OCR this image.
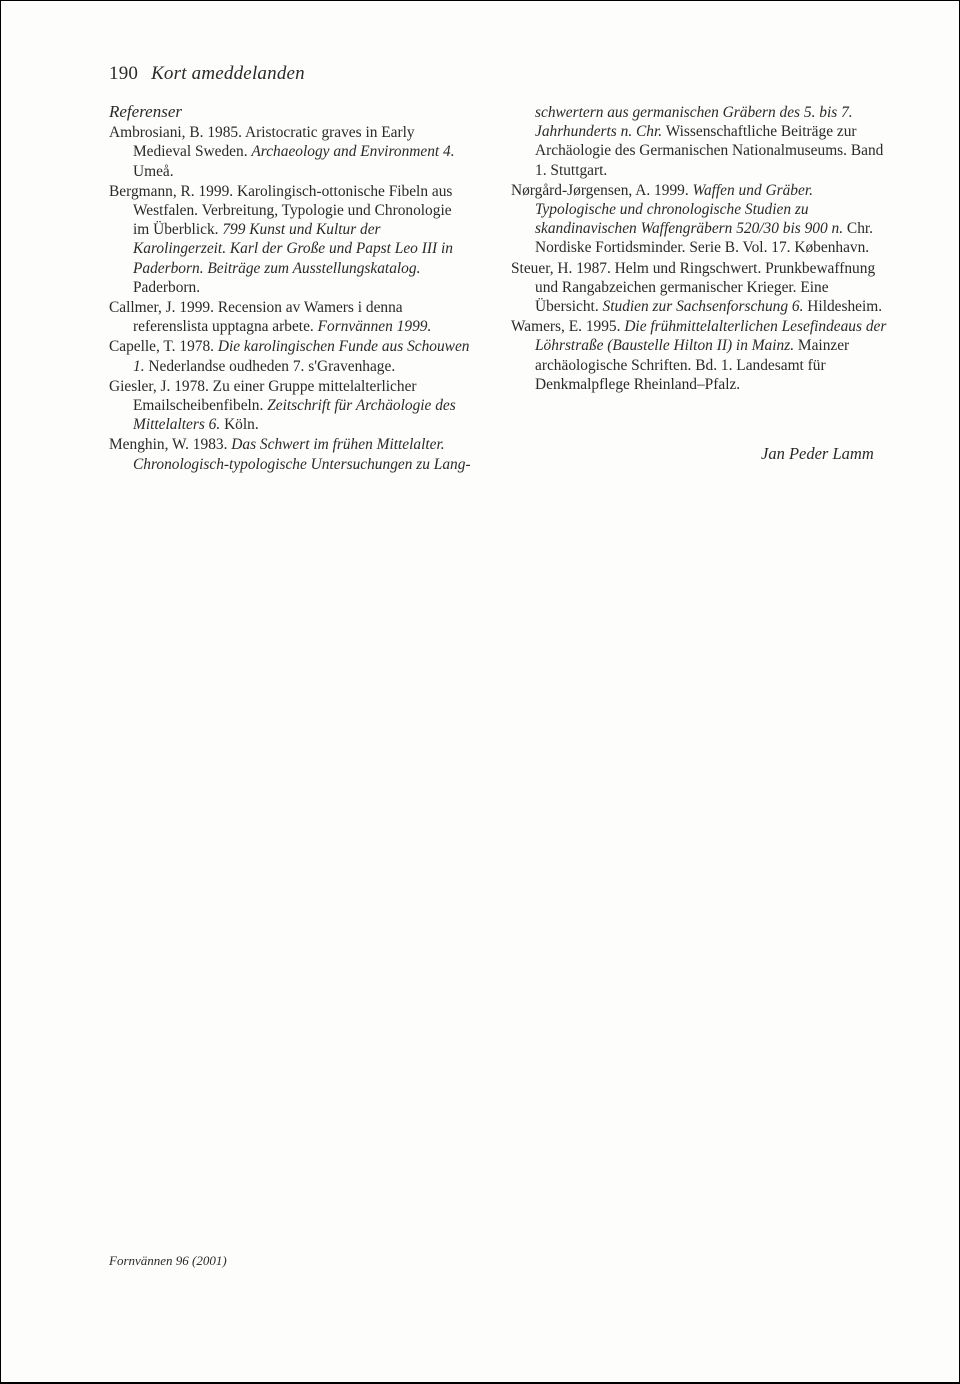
190 Kort ameddelanden
Referenser

Ambrosiani, B. 1985. Aristocratic graves in Early Medieval Sweden. Archaeology and Environment 4. Umeå.

Bergmann, R. 1999. Karolingisch-ottonische Fibeln aus Westfalen. Verbreitung, Typologie und Chronologie im Überblick. 799 Kunst und Kultur der Karolingerzeit. Karl der Große und Papst Leo III in Paderborn. Beiträge zum Ausstellungskatalog. Paderborn.

Callmer, J. 1999. Recension av Wamers i denna referenslista upptagna arbete. Fornvännen 1999.

Capelle, T. 1978. Die karolingischen Funde aus Schouwen 1. Nederlandse oudheden 7. s'Gravenhage.

Giesler, J. 1978. Zu einer Gruppe mittelalterlicher Emailscheibenfibeln. Zeitschrift für Archäologie des Mittelalters 6. Köln.

Menghin, W. 1983. Das Schwert im frühen Mittelalter. Chronologisch-typologische Untersuchungen zu Lang-

schwertern aus germanischen Gräbern des 5. bis 7. Jahrhunderts n. Chr. Wissenschaftliche Beiträge zur Archäologie des Germanischen Nationalmuseums. Band 1. Stuttgart.

Nørgård-Jørgensen, A. 1999. Waffen und Gräber. Typologische und chronologische Studien zu skandinavischen Waffengräbern 520/30 bis 900 n. Chr. Nordiske Fortidsminder. Serie B. Vol. 17. København.

Steuer, H. 1987. Helm und Ringschwert. Prunkbewaffnung und Rangabzeichen germanischer Krieger. Eine Übersicht. Studien zur Sachsenforschung 6. Hildesheim.

Wamers, E. 1995. Die frühmittelalterlichen Lesefindeaus der Löhrstraße (Baustelle Hilton II) in Mainz. Mainzer archäologische Schriften. Bd. 1. Landesamt für Denkmalpflege Rheinland–Pfalz.

Jan Peder Lamm
Fornvännen 96 (2001)
